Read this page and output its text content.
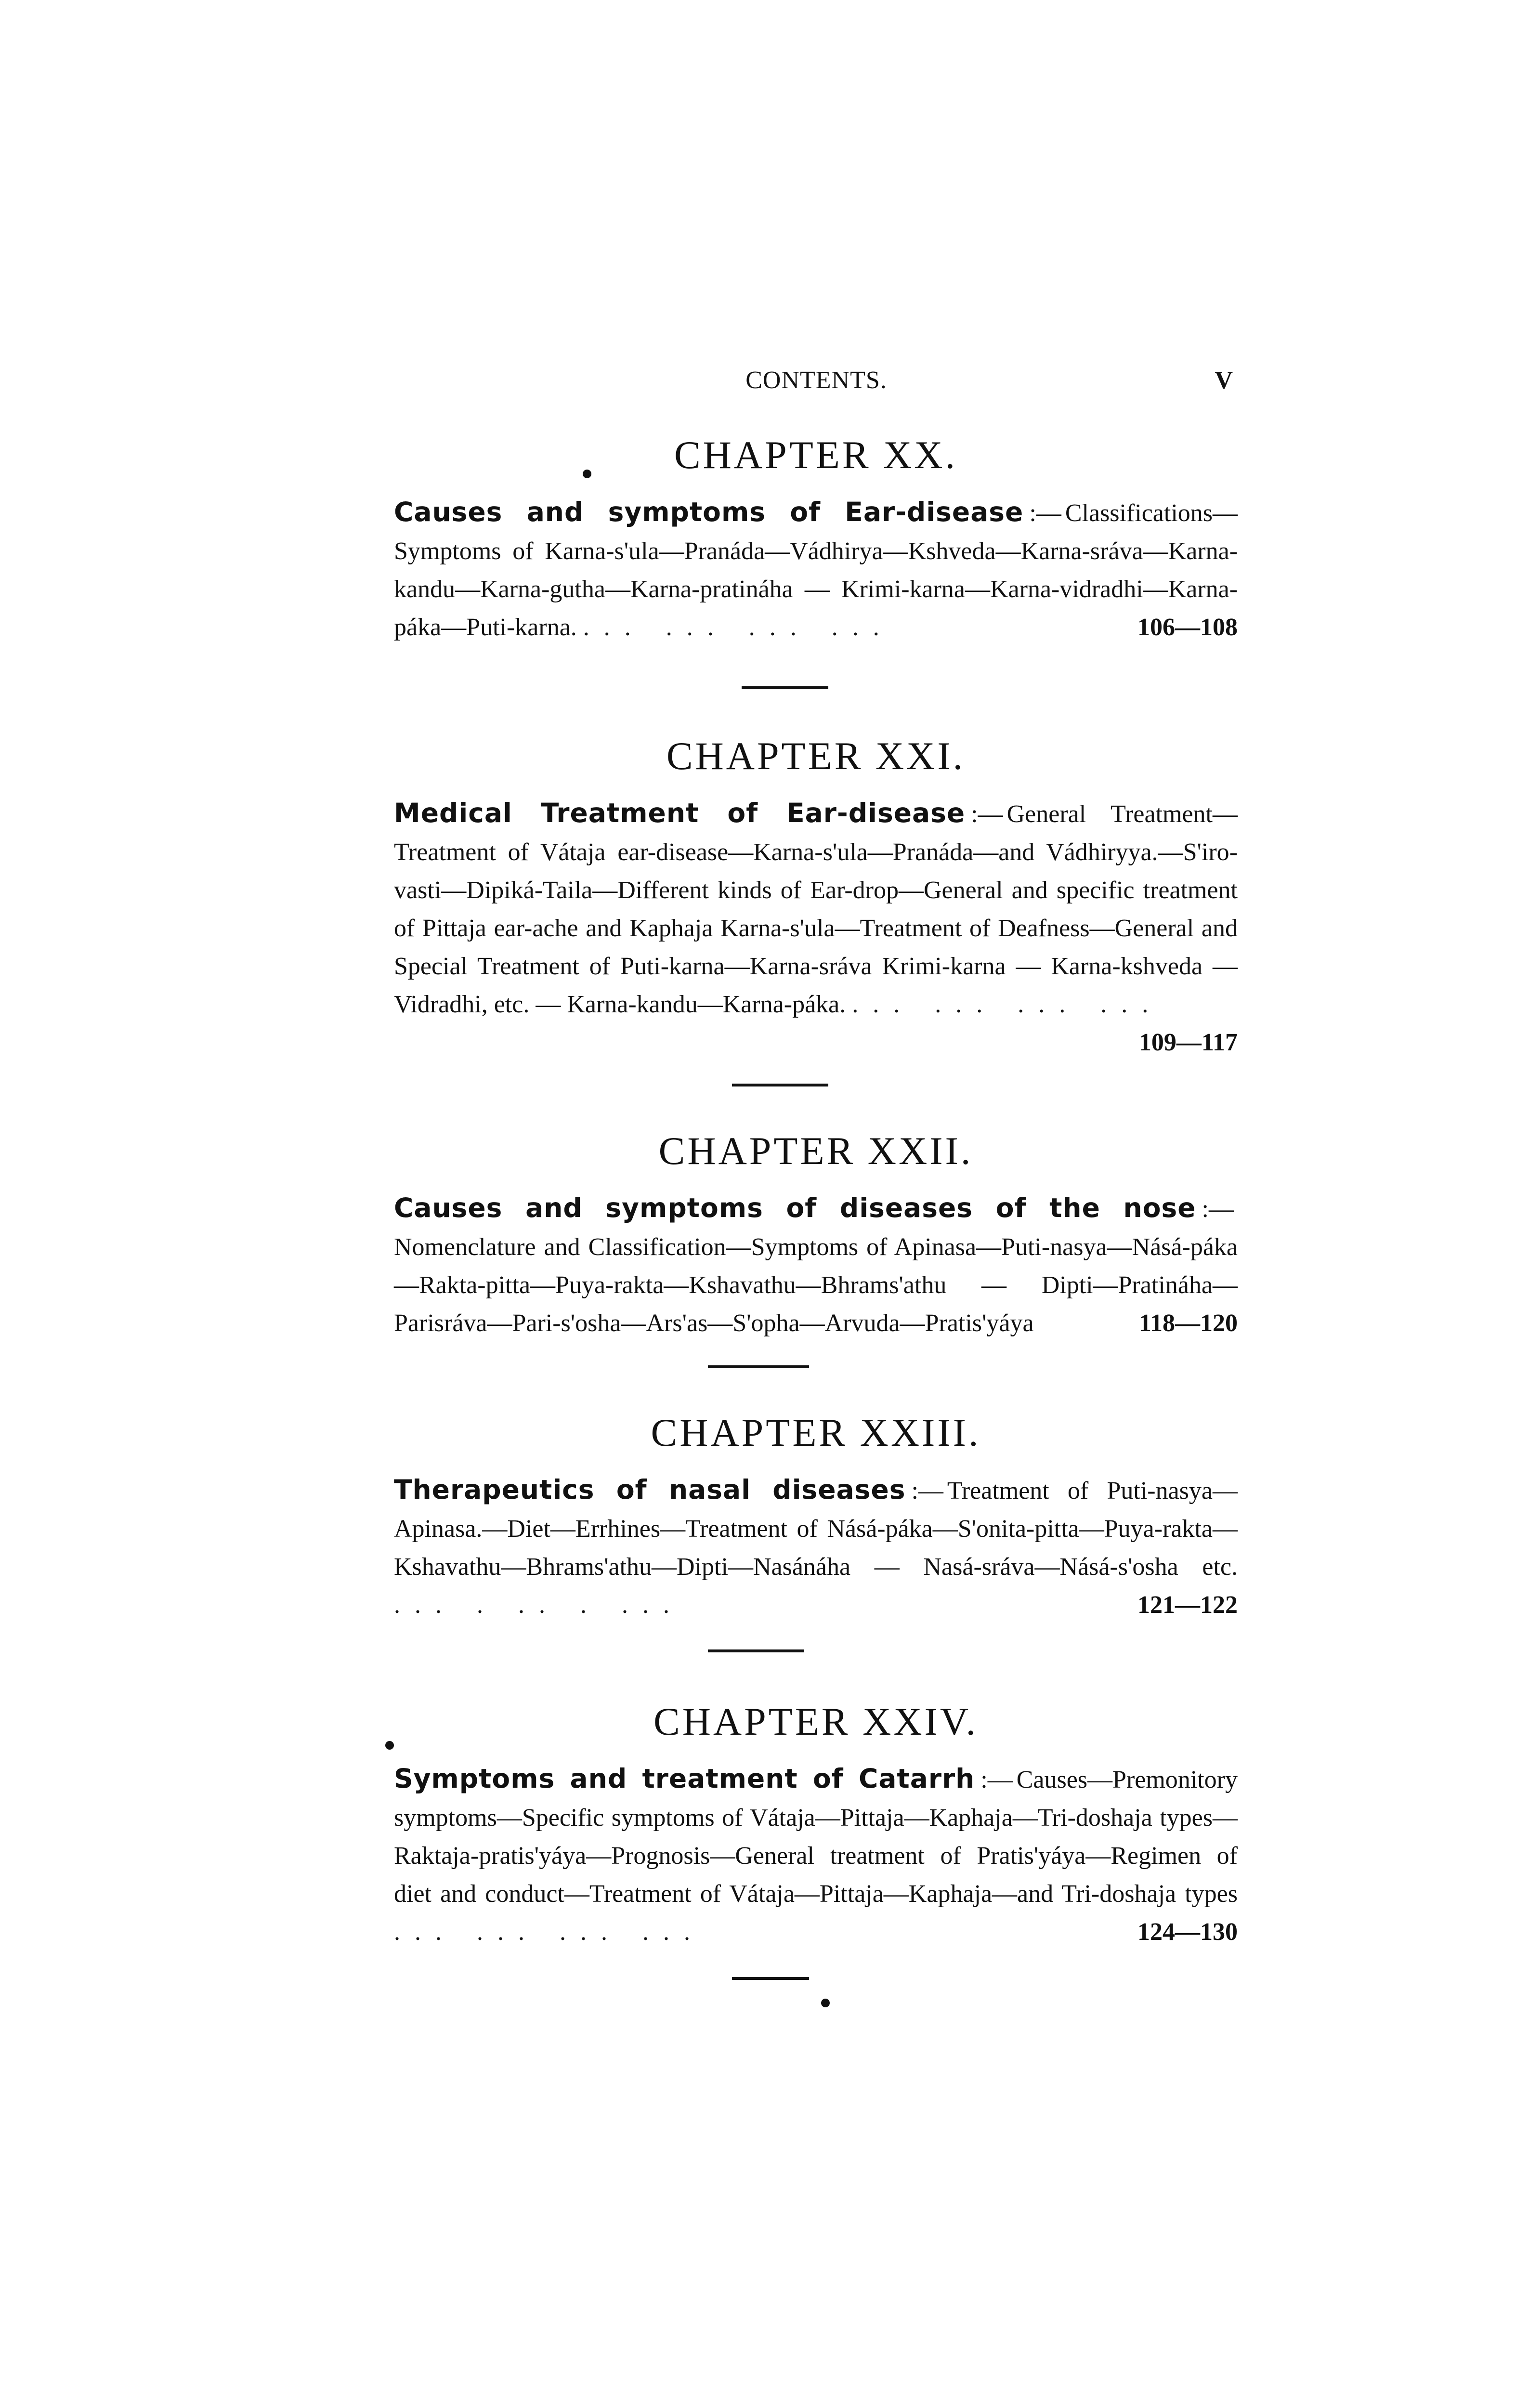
CONTENTS.	V
CHAPTER XX.

Causes and symptoms of Ear-disease :— Classifications—Symptoms of Karna-s'ula—Pranáda—Vádhirya—Kshveda—Karna-sráva—Karna-kandu—Karna-gutha—Karna-pratináha — Krimi-karna—Karna-vidradhi—Karna-páka—Puti-karna. ... ... ... ...	106—108

CHAPTER XXI.

Medical Treatment of Ear-disease :— General Treatment—Treatment of Vátaja ear-disease—Karna-s'ula—Pranáda—and Vádhiryya.—S'iro-vasti—Dipiká-Taila—Different kinds of Ear-drop—General and specific treatment of Pittaja ear-ache and Kaphaja Karna-s'ula—Treatment of Deafness—General and Special Treatment of Puti-karna—Karna-sráva Krimi-karna — Karna-kshveda — Vidradhi, etc. — Karna-kandu—Karna-páka. ... ... ... ...
109—117

CHAPTER XXII.

Causes and symptoms of diseases of the nose :—Nomenclature and Classification—Symptoms of Apinasa—Puti-nasya—Násá-páka—Rakta-pitta—Puya-rakta—Kshavathu—Bhrams'athu — Dipti—Pratináha—Parisráva—Pari-s'osha—Ars'as—S'opha—Arvuda—Pratis'yáya	118—120

CHAPTER XXIII.

Therapeutics of nasal diseases :— Treatment of Puti-nasya—Apinasa.—Diet—Errhines—Treatment of Násá-páka—S'onita-pitta—Puya-rakta—Kshavathu—Bhrams'athu—Dipti—Nasánáha — Nasá-sráva—Násá-s'osha etc. ... . .. . ...	121—122

CHAPTER XXIV.

Symptoms and treatment of Catarrh :— Causes—Premonitory symptoms—Specific symptoms of Vátaja—Pittaja—Kaphaja—Tri-doshaja types—Raktaja-pratis'yáya—Prognosis—General treatment of Pratis'yáya—Regimen of diet and conduct—Treatment of Vátaja—Pittaja—Kaphaja—and Tri-doshaja types ... ... ... ...	124—130
